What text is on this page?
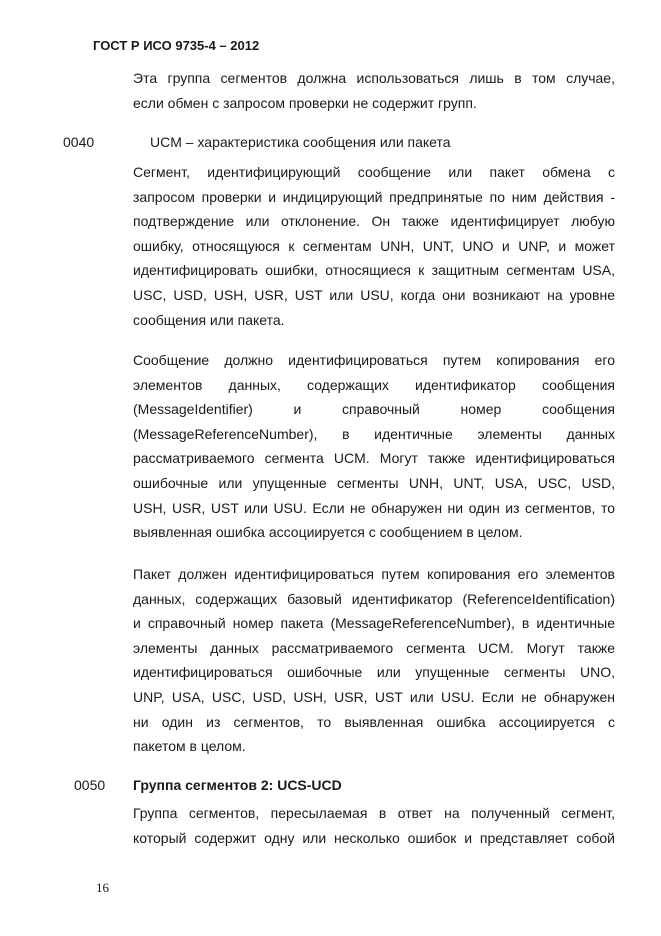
ГОСТ Р ИСО 9735-4 – 2012
Эта группа сегментов должна использоваться лишь в том случае,
если обмен с запросом проверки не содержит групп.
0040	UCM – характеристика сообщения или пакета
Сегмент, идентифицирующий сообщение или пакет обмена с
запросом проверки и индицирующий предпринятые по ним действия -
подтверждение или отклонение. Он также идентифицирует любую
ошибку, относящуюся к сегментам UNH, UNT, UNO и UNP, и может
идентифицировать ошибки, относящиеся к защитным сегментам USA,
USC, USD, USH, USR, UST или USU, когда они возникают на уровне
сообщения или пакета.
Сообщение должно идентифицироваться путем копирования его
элементов данных, содержащих идентификатор сообщения
(MessageIdentifier) и справочный номер сообщения
(MessageReferenceNumber), в идентичные элементы данных
рассматриваемого сегмента UCM. Могут также идентифицироваться
ошибочные или упущенные сегменты UNH, UNT, USA, USC, USD,
USH, USR, UST или USU. Если не обнаружен ни один из сегментов, то
выявленная ошибка ассоциируется с сообщением в целом.
Пакет должен идентифицироваться путем копирования его элементов
данных, содержащих базовый идентификатор (ReferenceIdentification)
и справочный номер пакета (MessageReferenceNumber), в идентичные
элементы данных рассматриваемого сегмента UCM. Могут также
идентифицироваться ошибочные или упущенные сегменты UNO,
UNP, USA, USC, USD, USH, USR, UST или USU. Если не обнаружен
ни один из сегментов, то выявленная ошибка ассоциируется с
пакетом в целом.
0050 Группа сегментов 2: UCS-UCD
Группа сегментов, пересылаемая в ответ на полученный сегмент,
который содержит одну или несколько ошибок и представляет собой
16
